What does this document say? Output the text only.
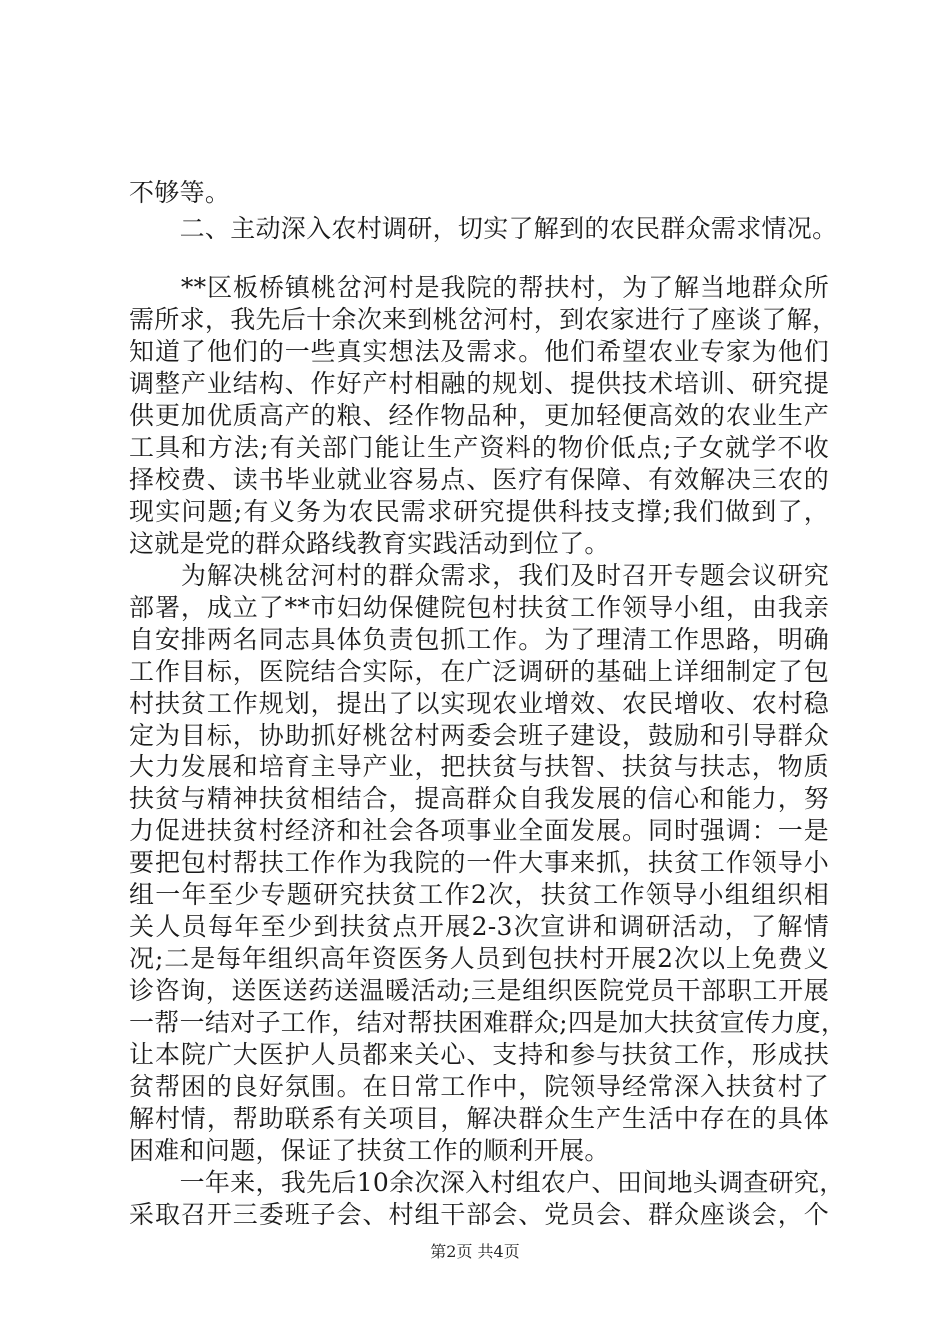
不够等。
　　二、主动深入农村调研，切实了解到的农民群众需求情况。
　　**区板桥镇桃岔河村是我院的帮扶村，为了解当地群众所
需所求，我先后十余次来到桃岔河村，到农家进行了座谈了解，
知道了他们的一些真实想法及需求。他们希望农业专家为他们
调整产业结构、作好产村相融的规划、提供技术培训、研究提
供更加优质高产的粮、经作物品种，更加轻便高效的农业生产
工具和方法;有关部门能让生产资料的物价低点;子女就学不收
择校费、读书毕业就业容易点、医疗有保障、有效解决三农的
现实问题;有义务为农民需求研究提供科技支撑;我们做到了，
这就是党的群众路线教育实践活动到位了。
　　为解决桃岔河村的群众需求，我们及时召开专题会议研究
部署，成立了**市妇幼保健院包村扶贫工作领导小组，由我亲
自安排两名同志具体负责包抓工作。为了理清工作思路，明确
工作目标，医院结合实际，在广泛调研的基础上详细制定了包
村扶贫工作规划，提出了以实现农业增效、农民增收、农村稳
定为目标，协助抓好桃岔村两委会班子建设，鼓励和引导群众
大力发展和培育主导产业，把扶贫与扶智、扶贫与扶志，物质
扶贫与精神扶贫相结合，提高群众自我发展的信心和能力，努
力促进扶贫村经济和社会各项事业全面发展。同时强调：一是
要把包村帮扶工作作为我院的一件大事来抓，扶贫工作领导小
组一年至少专题研究扶贫工作2次，扶贫工作领导小组组织相
关人员每年至少到扶贫点开展2-3次宣讲和调研活动，了解情
况;二是每年组织高年资医务人员到包扶村开展2次以上免费义
诊咨询，送医送药送温暖活动;三是组织医院党员干部职工开展
一帮一结对子工作，结对帮扶困难群众;四是加大扶贫宣传力度，
让本院广大医护人员都来关心、支持和参与扶贫工作，形成扶
贫帮困的良好氛围。在日常工作中，院领导经常深入扶贫村了
解村情，帮助联系有关项目，解决群众生产生活中存在的具体
困难和问题，保证了扶贫工作的顺利开展。
　　一年来，我先后10余次深入村组农户、田间地头调查研究，
采取召开三委班子会、村组干部会、党员会、群众座谈会，个
第2页 共4页
